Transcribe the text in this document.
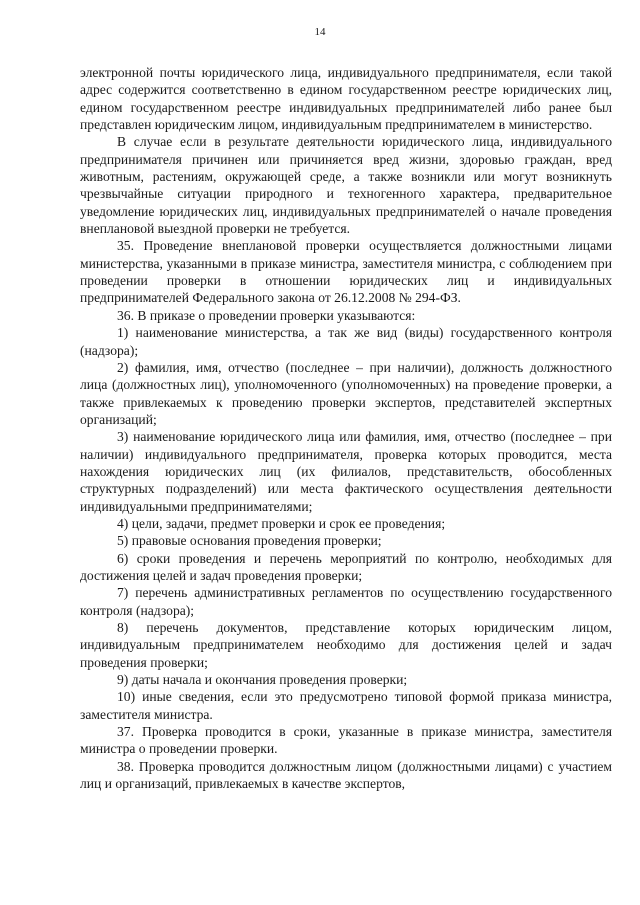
14

электронной почты юридического лица, индивидуального предпринимателя, если такой адрес содержится соответственно в едином государственном реестре юридических лиц, едином государственном реестре индивидуальных предпринимателей либо ранее был представлен юридическим лицом, индивидуальным предпринимателем в министерство.

В случае если в результате деятельности юридического лица, индивидуального предпринимателя причинен или причиняется вред жизни, здоровью граждан, вред животным, растениям, окружающей среде, а также возникли или могут возникнуть чрезвычайные ситуации природного и техногенного характера, предварительное уведомление юридических лиц, индивидуальных предпринимателей о начале проведения внеплановой выездной проверки не требуется.

35. Проведение внеплановой проверки осуществляется должностными лицами министерства, указанными в приказе министра, заместителя министра, с соблюдением при проведении проверки в отношении юридических лиц и индивидуальных предпринимателей Федерального закона от 26.12.2008 № 294-ФЗ.

36. В приказе о проведении проверки указываются:

1) наименование министерства, а так же вид (виды) государственного контроля (надзора);

2) фамилия, имя, отчество (последнее – при наличии), должность должностного лица (должностных лиц), уполномоченного (уполномоченных) на проведение проверки, а также привлекаемых к проведению проверки экспертов, представителей экспертных организаций;

3) наименование юридического лица или фамилия, имя, отчество (последнее – при наличии) индивидуального предпринимателя, проверка которых проводится, места нахождения юридических лиц (их филиалов, представительств, обособленных структурных подразделений) или места фактического осуществления деятельности индивидуальными предпринимателями;

4) цели, задачи, предмет проверки и срок ее проведения;

5) правовые основания проведения проверки;

6) сроки проведения и перечень мероприятий по контролю, необходимых для достижения целей и задач проведения проверки;

7) перечень административных регламентов по осуществлению государственного контроля (надзора);

8) перечень документов, представление которых юридическим лицом, индивидуальным предпринимателем необходимо для достижения целей и задач проведения проверки;

9) даты начала и окончания проведения проверки;

10) иные сведения, если это предусмотрено типовой формой приказа министра, заместителя министра.

37. Проверка проводится в сроки, указанные в приказе министра, заместителя министра о проведении проверки.

38. Проверка проводится должностным лицом (должностными лицами) с участием лиц и организаций, привлекаемых в качестве экспертов,
